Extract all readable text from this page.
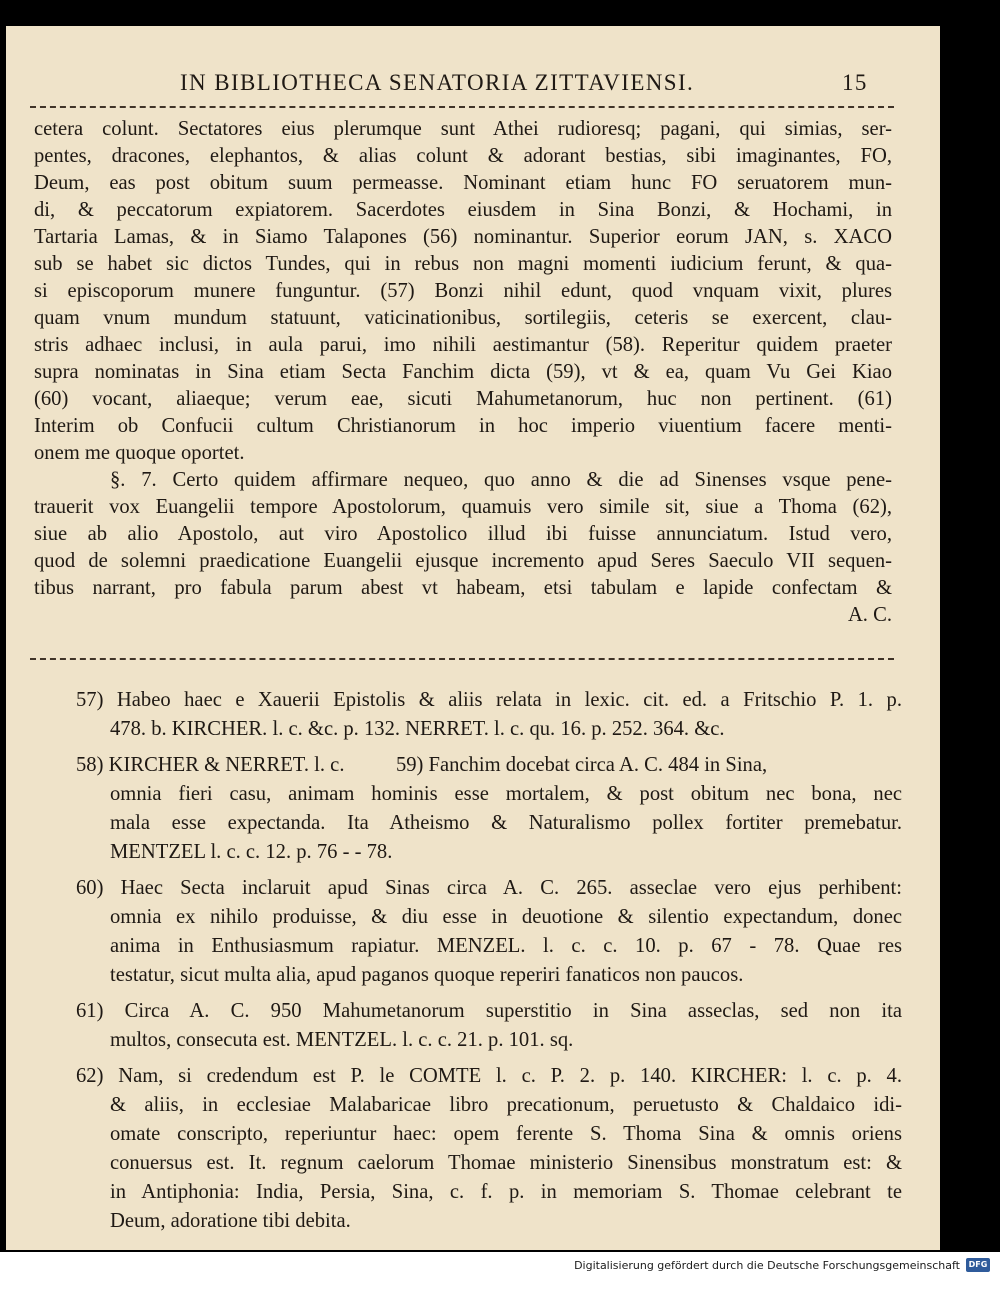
IN BIBLIOTHECA SENATORIA ZITTAVIENSI.	15

cetera colunt. Sectatores eius plerumque sunt Athei rudioresq; pagani, qui simias, ser-

pentes, dracones, elephantos, & alias colunt & adorant bestias, sibi imaginantes, FO,

Deum, eas post obitum suum permeasse. Nominant etiam hunc FO seruatorem mun-

di, & peccatorum expiatorem. Sacerdotes eiusdem in Sina Bonzi, & Hochami, in

Tartaria Lamas, & in Siamo Talapones (56) nominantur. Superior eorum JAN, s. XACO

sub se habet sic dictos Tundes, qui in rebus non magni momenti iudicium ferunt, & qua-

si episcoporum munere funguntur. (57) Bonzi nihil edunt, quod vnquam vixit, plures

quam vnum mundum statuunt, vaticinationibus, sortilegiis, ceteris se exercent, clau-

stris adhaec inclusi, in aula parui, imo nihili aestimantur (58). Reperitur quidem praeter

supra nominatas in Sina etiam Secta Fanchim dicta (59), vt & ea, quam Vu Gei Kiao

(60) vocant, aliaeque; verum eae, sicuti Mahumetanorum, huc non pertinent. (61)

Interim ob Confucii cultum Christianorum in hoc imperio viuentium facere menti-

onem me quoque oportet.

§. 7. Certo quidem affirmare nequeo, quo anno & die ad Sinenses vsque pene-

trauerit vox Euangelii tempore Apostolorum, quamuis vero simile sit, siue a Thoma (62),

siue ab alio Apostolo, aut viro Apostolico illud ibi fuisse annunciatum. Istud vero,

quod de solemni praedicatione Euangelii ejusque incremento apud Seres Saeculo VII sequen-

tibus narrant, pro fabula parum abest vt habeam, etsi tabulam e lapide confectam &

A. C.

57) Habeo haec e Xauerii Epistolis & aliis relata in lexic. cit. ed. a Fritschio P. 1. p.

478. b. KIRCHER. l. c. &c. p. 132. NERRET. l. c. qu. 16. p. 252. 364. &c.

58) KIRCHER & NERRET. l. c.          59) Fanchim docebat circa A. C. 484 in Sina,

omnia fieri casu, animam hominis esse mortalem, & post obitum nec bona, nec

mala esse expectanda. Ita Atheismo & Naturalismo pollex fortiter premebatur.

MENTZEL l. c. c. 12. p. 76 - - 78.

60) Haec Secta inclaruit apud Sinas circa A. C. 265. asseclae vero ejus perhibent:

omnia ex nihilo produisse, & diu esse in deuotione & silentio expectandum, donec

anima in Enthusiasmum rapiatur. MENZEL. l. c. c. 10. p. 67 - 78. Quae res

testatur, sicut multa alia, apud paganos quoque reperiri fanaticos non paucos.

61) Circa A. C. 950 Mahumetanorum superstitio in Sina asseclas, sed non ita

multos, consecuta est. MENTZEL. l. c. c. 21. p. 101. sq.

62) Nam, si credendum est P. le COMTE l. c. P. 2. p. 140. KIRCHER: l. c. p. 4.

& aliis, in ecclesiae Malabaricae libro precationum, peruetusto & Chaldaico idi-

omate conscripto, reperiuntur haec: opem ferente S. Thoma Sina & omnis oriens

conuersus est. It. regnum caelorum Thomae ministerio Sinensibus monstratum est: &

in Antiphonia: India, Persia, Sina, c. f. p. in memoriam S. Thomae celebrant te

Deum, adoratione tibi debita.

Digitalisierung gefördert durch die Deutsche Forschungsgemeinschaft	DFG
